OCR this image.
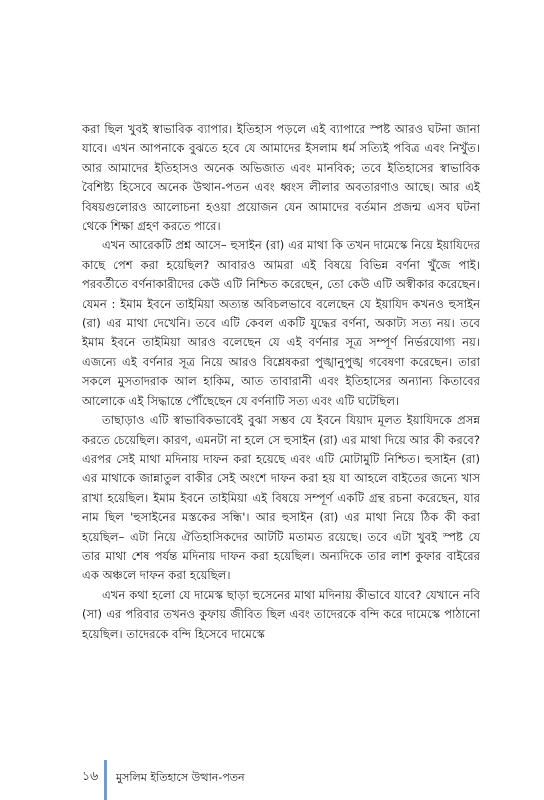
করা ছিল খুবই স্বাভাবিক ব্যাপার। ইতিহাস পড়লে এই ব্যাপারে স্পষ্ট আরও ঘটনা জানা যাবে। এখন আপনাকে বুঝতে হবে যে আমাদের ইসলাম ধর্ম সত্যিই পবিত্র এবং নিখুঁত। আর আমাদের ইতিহাসও অনেক অভিজাত এবং মানবিক; তবে ইতিহাসের স্বাভাবিক বৈশিষ্ট্য হিসেবে অনেক উত্থান-পতন এবং ধ্বংস লীলার অবতারণাও আছে। আর এই বিষয়গুলোরও আলোচনা হওয়া প্রয়োজন যেন আমাদের বর্তমান প্রজন্ম এসব ঘটনা থেকে শিক্ষা গ্রহণ করতে পারে।

এখন আরেকটি প্রশ্ন আসে– হুসাইন (রা) এর মাথা কি তখন দামেস্কে নিয়ে ইয়াযিদের কাছে পেশ করা হয়েছিল? আবারও আমরা এই বিষয়ে বিভিন্ন বর্ণনা খুঁজে পাই। পরবর্তীতে বর্ণনাকারীদের কেউ এটি নিশ্চিত করেছেন, তো কেউ এটি অস্বীকার করেছেন। যেমন : ইমাম ইবনে তাইমিয়া অত্যন্ত অবিচলভাবে বলেছেন যে ইয়াযিদ কখনও হুসাইন (রা) এর মাথা দেখেনি। তবে এটি কেবল একটি যুদ্ধের বর্ণনা, অকাট্য সত্য নয়। তবে ইমাম ইবনে তাইমিয়া আরও বলেছেন যে এই বর্ণনার সূত্র সম্পূর্ণ নির্ভরযোগ্য নয়। এজন্যে এই বর্ণনার সূত্র নিয়ে আরও বিশ্লেষকরা পুঙ্খানুপুঙ্খ গবেষণা করেছেন। তারা সকলে মুসতাদরাক আল হাকিম, আত তাবারানী এবং ইতিহাসের অন্যান্য কিতাবের আলোকে এই সিদ্ধান্তে পৌঁছেছেন যে বর্ণনাটি সত্য এবং এটি ঘটেছিল।

তাছাড়াও এটি স্বাভাবিকভাবেই বুঝা সম্ভব যে ইবনে যিয়াদ মূলত ইয়াযিদকে প্রসন্ন করতে চেয়েছিল। কারণ, এমনটা না হলে সে হুসাইন (রা) এর মাথা দিয়ে আর কী করবে? এরপর সেই মাথা মদিনায় দাফন করা হয়েছে এবং এটি মোটামুটি নিশ্চিত। হুসাইন (রা) এর মাথাকে জান্নাতুল বাকীর সেই অংশে দাফন করা হয় যা আহলে বাইতের জন্যে খাস রাখা হয়েছিল। ইমাম ইবনে তাইমিয়া এই বিষয়ে সম্পূর্ণ একটি গ্রন্থ রচনা করেছেন, যার নাম ছিল 'হুসাইনের মস্তকের সন্ধি'। আর হুসাইন (রা) এর মাথা নিয়ে ঠিক কী করা হয়েছিল– এটা নিয়ে ঐতিহাসিকদের আটটি মতামত রয়েছে। তবে এটা খুবই স্পষ্ট যে তার মাথা শেষ পর্যন্ত মদিনায় দাফন করা হয়েছিল। অন্যদিকে তার লাশ কুফার বাইরের এক অঞ্চলে দাফন করা হয়েছিল।

এখন কথা হলো যে দামেস্ক ছাড়া হুসেনের মাথা মদিনায় কীভাবে যাবে? যেখানে নবি (সা) এর পরিবার তখনও কুফায় জীবিত ছিল এবং তাদেরকে বন্দি করে দামেস্কে পাঠানো হয়েছিল। তাদেরকে বন্দি হিসেবে দামেস্কে

১৬ মুসলিম ইতিহাসে উত্থান-পতন
